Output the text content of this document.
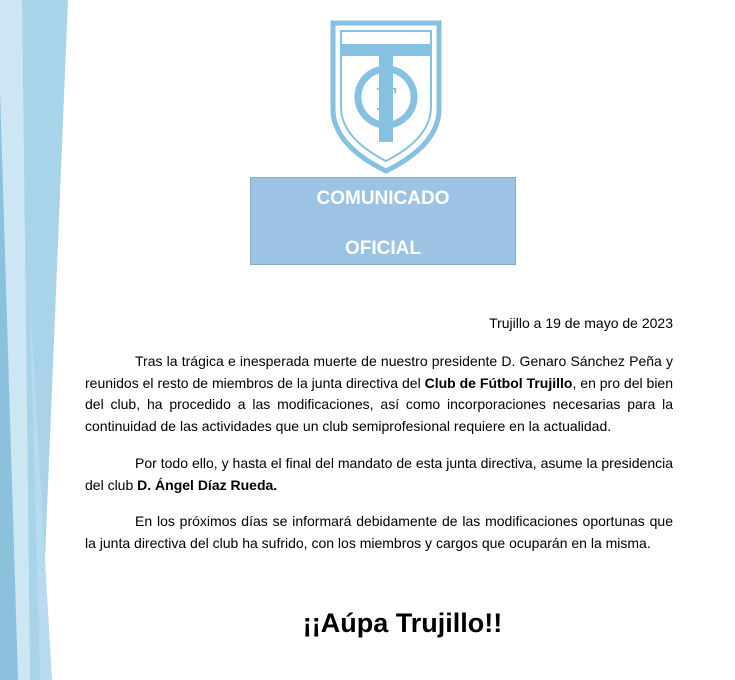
F
COMUNICADO
OFICIAL
Trujillo a 19 de mayo de 2023

Tras la trágica e inesperada muerte de nuestro presidente D. Genaro Sánchez Peña y reunidos el resto de miembros de la junta directiva del Club de Fútbol Trujillo, en pro del bien del club, ha procedido a las modificaciones, así como incorporaciones necesarias para la continuidad de las actividades que un club semiprofesional requiere en la actualidad.

Por todo ello, y hasta el final del mandato de esta junta directiva, asume la presidencia del club D. Ángel Díaz Rueda.

En los próximos días se informará debidamente de las modificaciones oportunas que la junta directiva del club ha sufrido, con los miembros y cargos que ocuparán en la misma.

¡¡Aúpa Trujillo!!
